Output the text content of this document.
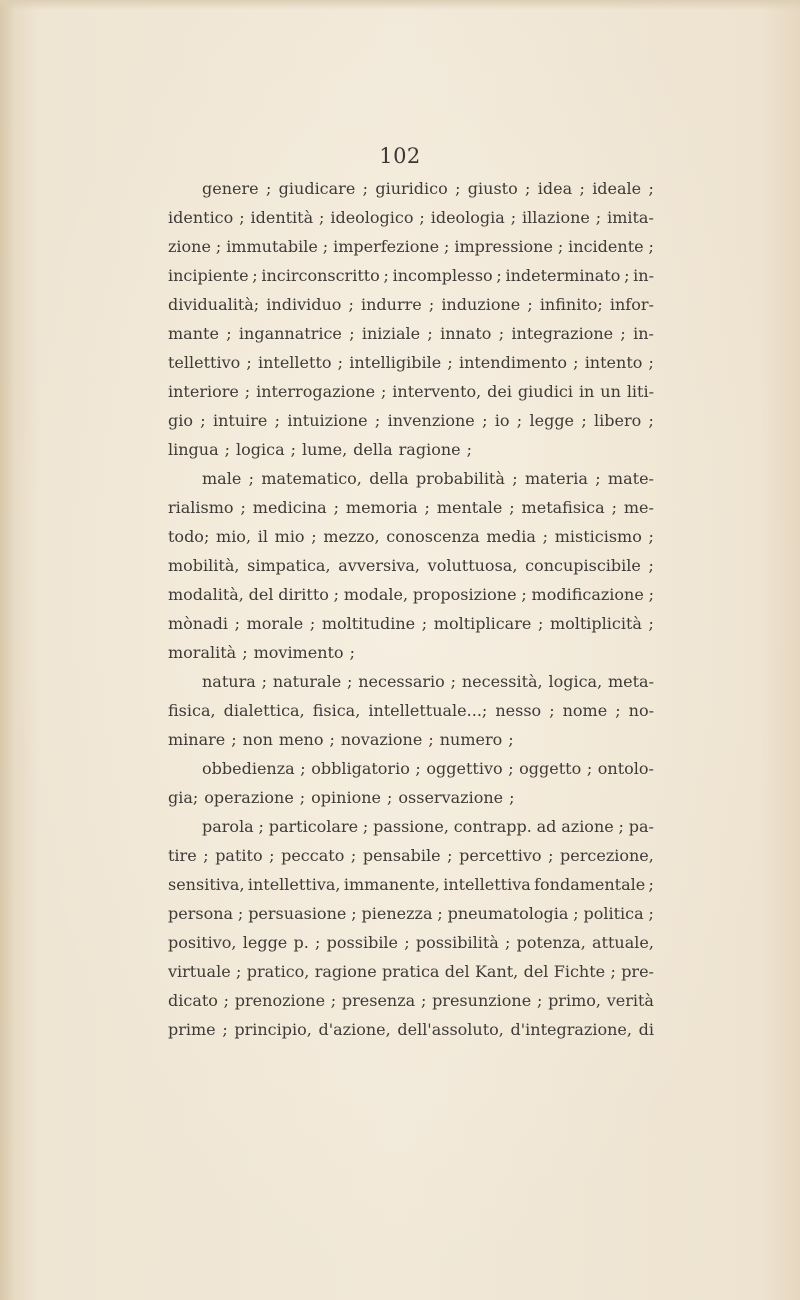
102
genere ; giudicare ; giuridico ; giusto ; idea ; ideale ;
identico ; identità ; ideologico ; ideologia ; illazione ; imita-
zione ; immutabile ; imperfezione ; impressione ; incidente ;
incipiente ; incirconscritto ; incomplesso ; indeterminato ; in-
dividualità; individuo ; indurre ; induzione ; infinito; infor-
mante ; ingannatrice ; iniziale ; innato ; integrazione ; in-
tellettivo ; intelletto ; intelligibile ; intendimento ; intento ;
interiore ; interrogazione ; intervento, dei giudici in un liti-
gio ; intuire ; intuizione ; invenzione ; io ; legge ; libero ;
lingua ; logica ; lume, della ragione ;
male ; matematico, della probabilità ; materia ; mate-
rialismo ; medicina ; memoria ; mentale ; metafisica ; me-
todo; mio, il mio ; mezzo, conoscenza media ; misticismo ;
mobilità, simpatica, avversiva, voluttuosa, concupiscibile ;
modalità, del diritto ; modale, proposizione ; modificazione ;
mònadi ; morale ; moltitudine ; moltiplicare ; moltiplicità ;
moralità ; movimento ;
natura ; naturale ; necessario ; necessità, logica, meta-
fisica, dialettica, fisica, intellettuale...; nesso ; nome ; no-
minare ; non meno ; novazione ; numero ;
obbedienza ; obbligatorio ; oggettivo ; oggetto ; ontolo-
gia; operazione ; opinione ; osservazione ;
parola ; particolare ; passione, contrapp. ad azione ; pa-
tire ; patito ; peccato ; pensabile ; percettivo ; percezione,
sensitiva, intellettiva, immanente, intellettiva fondamentale ;
persona ; persuasione ; pienezza ; pneumatologia ; politica ;
positivo, legge p. ; possibile ; possibilità ; potenza, attuale,
virtuale ; pratico, ragione pratica del Kant, del Fichte ; pre-
dicato ; prenozione ; presenza ; presunzione ; primo, verità
prime ; principio, d'azione, dell'assoluto, d'integrazione, di
